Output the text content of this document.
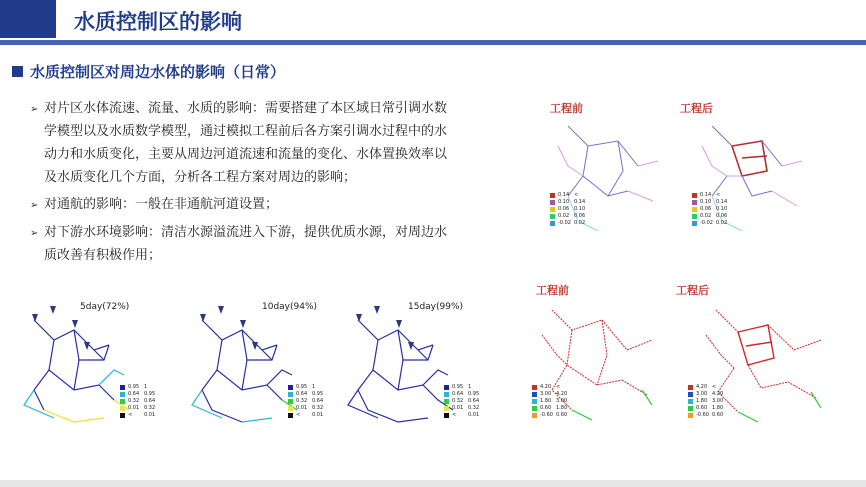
水质控制区的影响
水质控制区对周边水体的影响（日常）
➢ 对片区水体流速、流量、水质的影响：需要搭建了本区域日常引调水数学模型以及水质数学模型，通过模拟工程前后各方案引调水过程中的水动力和水质变化，主要从周边河道流速和流量的变化、水体置换效率以及水质变化几个方面，分析各工程方案对周边的影响；
➢ 对通航的影响：一般在非通航河道设置；
➢ 对下游水环境影响：清洁水源溢流进入下游，提供优质水源，对周边水质改善有积极作用；
5day(72%)
0.95 1
0.64 0.95
0.32 0.64
0.01 0.32
<	0.01
10day(94%)
0.95 1
0.64 0.95
0.32 0.64
0.01 0.32
<	0.01
15day(99%)
0.95 1
0.64 0.95
0.32 0.64
0.01 0.32
<	0.01
工程前
0.14 <
0.10 0.14
0.06 0.10
0.02 0.06
-0.02 0.02
工程后
0.14 <
0.10 0.14
0.06 0.10
0.02 0.06
-0.02 0.02
工程前
4.20 <
3.00 4.20
1.80 3.00
0.60 1.80
-0.60 0.60
工程后
4.20 <
3.00 4.20
1.80 3.00
0.60 1.80
-0.60 0.60
